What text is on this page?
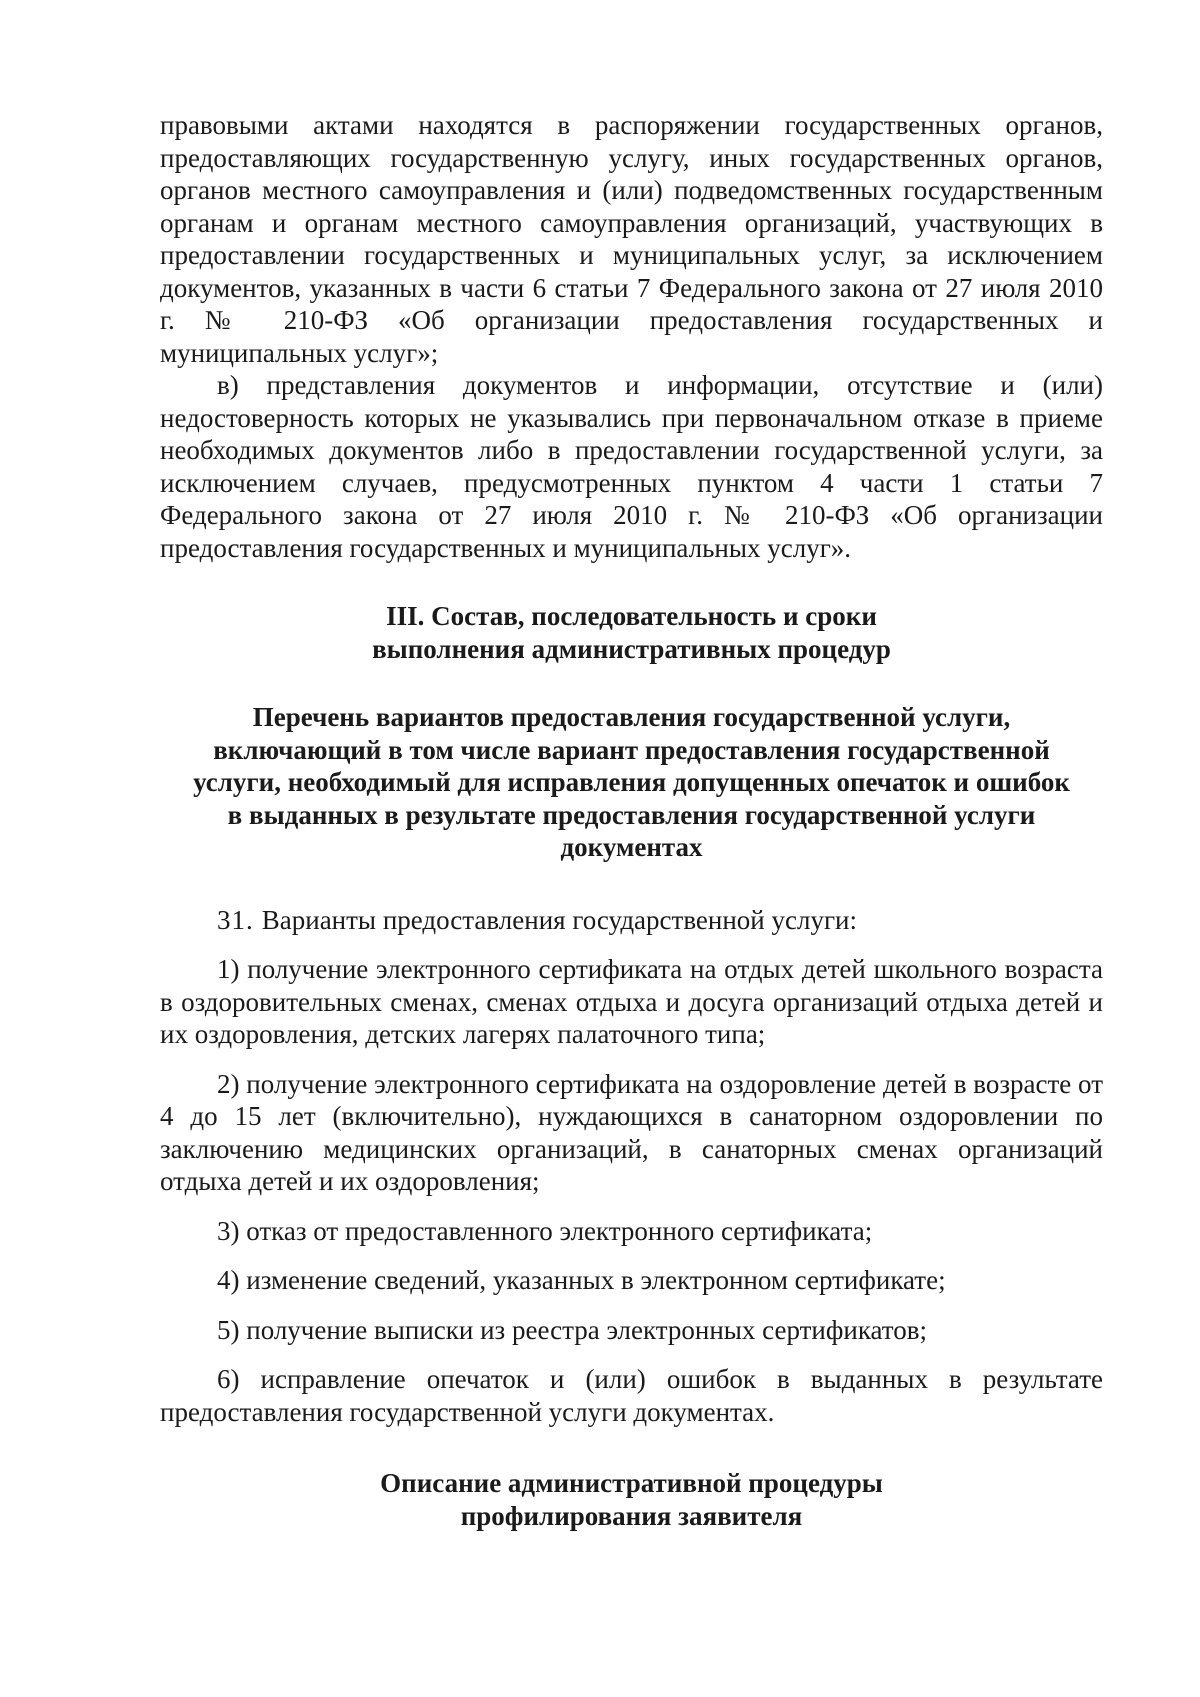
правовыми актами находятся в распоряжении государственных органов, предоставляющих государственную услугу, иных государственных органов, органов местного самоуправления и (или) подведомственных государственным органам и органам местного самоуправления организаций, участвующих в предоставлении государственных и муниципальных услуг, за исключением документов, указанных в части 6 статьи 7 Федерального закона от 27 июля 2010 г. № 210-ФЗ «Об организации предоставления государственных и муниципальных услуг»;

в) представления документов и информации, отсутствие и (или) недостоверность которых не указывались при первоначальном отказе в приеме необходимых документов либо в предоставлении государственной услуги, за исключением случаев, предусмотренных пунктом 4 части 1 статьи 7 Федерального закона от 27 июля 2010 г. № 210-ФЗ «Об организации предоставления государственных и муниципальных услуг».

III. Состав, последовательность и сроки
выполнения административных процедур
Перечень вариантов предоставления государственной услуги,
включающий в том числе вариант предоставления государственной
услуги, необходимый для исправления допущенных опечаток и ошибок
в выданных в результате предоставления государственной услуги
документах

31. Варианты предоставления государственной услуги:

1) получение электронного сертификата на отдых детей школьного возраста в оздоровительных сменах, сменах отдыха и досуга организаций отдыха детей и их оздоровления, детских лагерях палаточного типа;

2) получение электронного сертификата на оздоровление детей в возрасте от 4 до 15 лет (включительно), нуждающихся в санаторном оздоровлении по заключению медицинских организаций, в санаторных сменах организаций отдыха детей и их оздоровления;

3) отказ от предоставленного электронного сертификата;

4) изменение сведений, указанных в электронном сертификате;

5) получение выписки из реестра электронных сертификатов;

6) исправление опечаток и (или) ошибок в выданных в результате предоставления государственной услуги документах.

Описание административной процедуры
профилирования заявителя
